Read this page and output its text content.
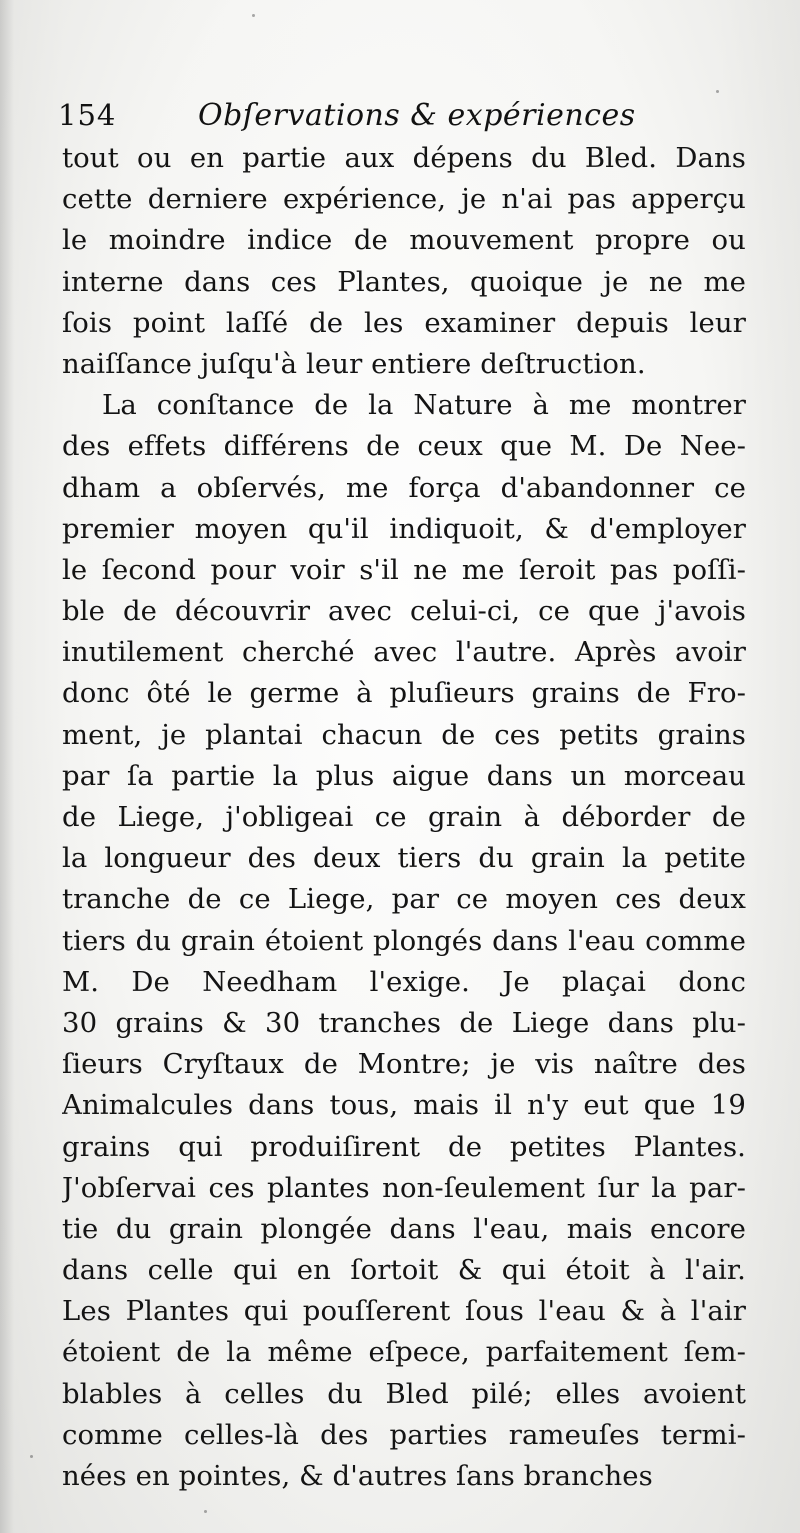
154	Obſervations & expériences
tout ou en partie aux dépens du Bled. Dans
cette derniere expérience, je n'ai pas apperçu
le moindre indice de mouvement propre ou
interne dans ces Plantes, quoique je ne me
ſois point laſſé de les examiner depuis leur
naiſſance juſqu'à leur entiere deſtruction.
La conſtance de la Nature à me montrer
des effets différens de ceux que M. De Nee-
dham a obſervés, me força d'abandonner ce
premier moyen qu'il indiquoit, & d'employer
le ſecond pour voir s'il ne me ſeroit pas poſſi-
ble de découvrir avec celui-ci, ce que j'avois
inutilement cherché avec l'autre. Après avoir
donc ôté le germe à pluſieurs grains de Fro-
ment, je plantai chacun de ces petits grains
par ſa partie la plus aigue dans un morceau
de Liege, j'obligeai ce grain à déborder de
la longueur des deux tiers du grain la petite
tranche de ce Liege, par ce moyen ces deux
tiers du grain étoient plongés dans l'eau comme
M. De Needham l'exige. Je plaçai donc
30 grains & 30 tranches de Liege dans plu-
ſieurs Cryſtaux de Montre; je vis naître des
Animalcules dans tous, mais il n'y eut que 19
grains qui produiſirent de petites Plantes.
J'obſervai ces plantes non-ſeulement ſur la par-
tie du grain plongée dans l'eau, mais encore
dans celle qui en ſortoit & qui étoit à l'air.
Les Plantes qui pouſſerent ſous l'eau & à l'air
étoient de la même eſpece, parfaitement ſem-
blables à celles du Bled pilé; elles avoient
comme celles-là des parties rameuſes termi-
nées en pointes, & d'autres ſans branches
